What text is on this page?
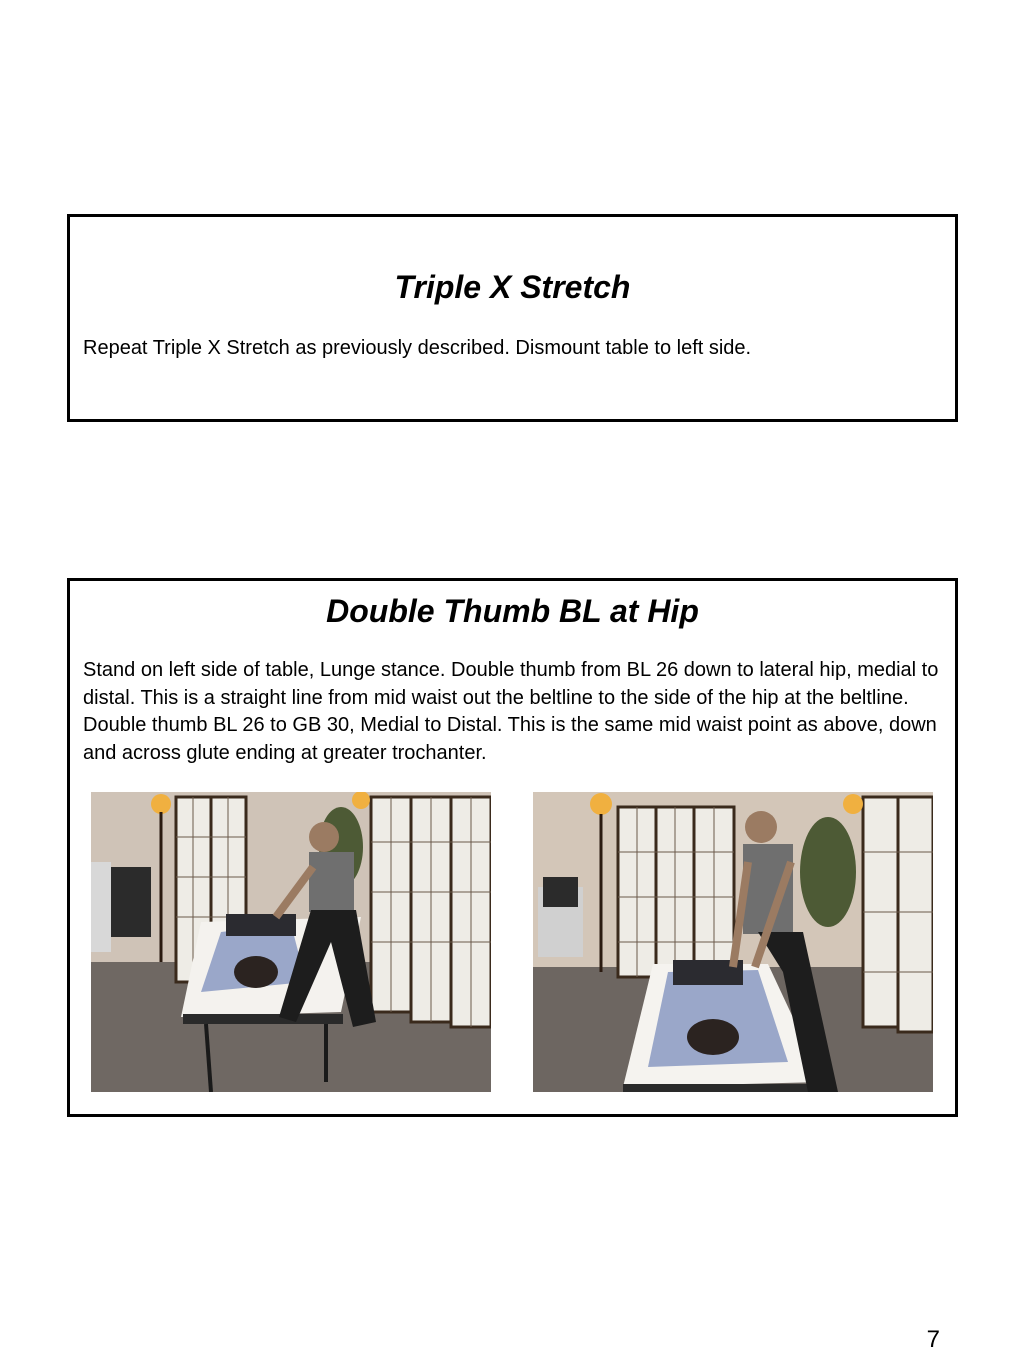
Triple X Stretch

Repeat Triple X Stretch as previously described. Dismount table to left side.

Double Thumb BL at Hip

Stand on left side of table, Lunge stance. Double thumb from BL 26 down to lateral hip, medial to distal. This is a straight line from mid waist out the beltline to the side of the hip at the beltline. Double thumb BL 26 to GB 30, Medial to Distal. This is the same mid waist point as above, down and across glute ending at greater trochanter.

7
